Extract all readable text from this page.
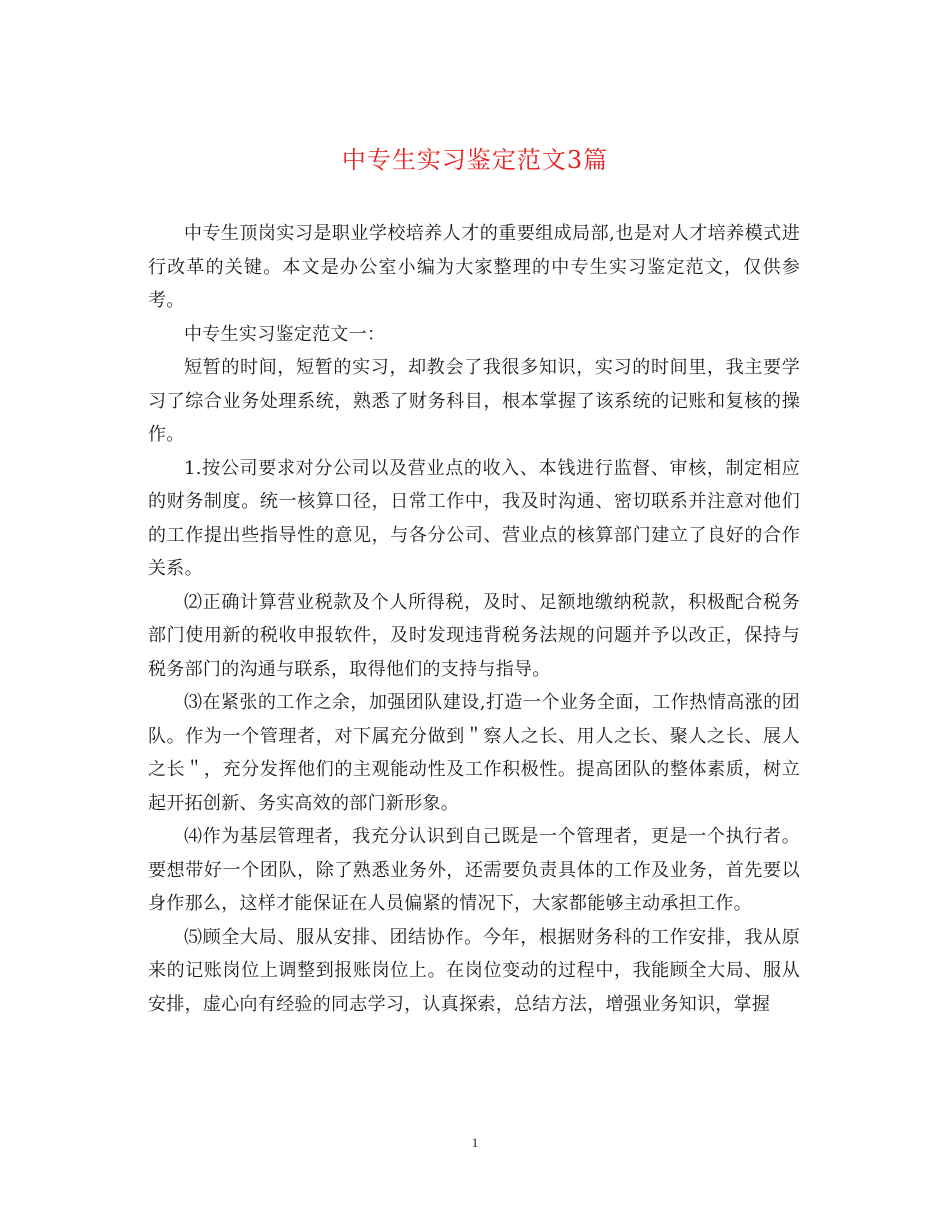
中专生实习鉴定范文3篇

中专生顶岗实习是职业学校培养人才的重要组成局部,也是对人才培养模式进行改革的关键。本文是办公室小编为大家整理的中专生实习鉴定范文，仅供参考。

中专生实习鉴定范文一：

短暂的时间，短暂的实习，却教会了我很多知识，实习的时间里，我主要学习了综合业务处理系统，熟悉了财务科目，根本掌握了该系统的记账和复核的操作。

1.按公司要求对分公司以及营业点的收入、本钱进行监督、审核，制定相应的财务制度。统一核算口径，日常工作中，我及时沟通、密切联系并注意对他们的工作提出些指导性的意见，与各分公司、营业点的核算部门建立了良好的合作关系。

⑵正确计算营业税款及个人所得税，及时、足额地缴纳税款，积极配合税务部门使用新的税收申报软件，及时发现违背税务法规的问题并予以改正，保持与税务部门的沟通与联系，取得他们的支持与指导。

⑶在紧张的工作之余，加强团队建设,打造一个业务全面，工作热情高涨的团队。作为一个管理者，对下属充分做到＂察人之长、用人之长、聚人之长、展人之长＂，充分发挥他们的主观能动性及工作积极性。提高团队的整体素质，树立起开拓创新、务实高效的部门新形象。

⑷作为基层管理者，我充分认识到自己既是一个管理者，更是一个执行者。要想带好一个团队，除了熟悉业务外，还需要负责具体的工作及业务，首先要以身作那么，这样才能保证在人员偏紧的情况下，大家都能够主动承担工作。

⑸顾全大局、服从安排、团结协作。今年，根据财务科的工作安排，我从原来的记账岗位上调整到报账岗位上。在岗位变动的过程中，我能顾全大局、服从安排，虚心向有经验的同志学习，认真探索，总结方法，增强业务知识，掌握

1
